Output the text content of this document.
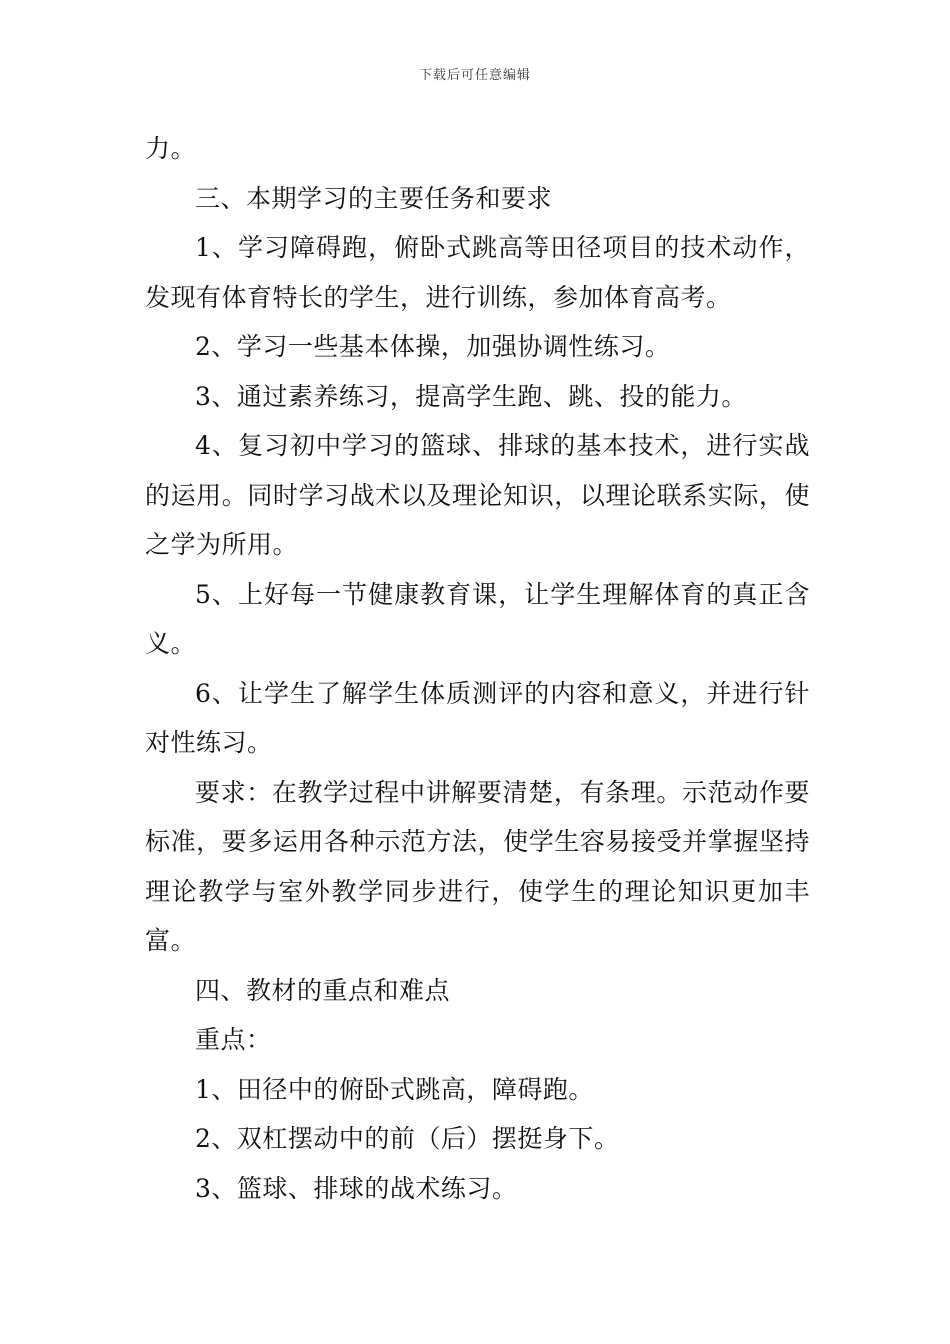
下载后可任意编辑

力。

三、本期学习的主要任务和要求

1、学习障碍跑，俯卧式跳高等田径项目的技术动作，发现有体育特长的学生，进行训练，参加体育高考。

2、学习一些基本体操，加强协调性练习。

3、通过素养练习，提高学生跑、跳、投的能力。

4、复习初中学习的篮球、排球的基本技术，进行实战的运用。同时学习战术以及理论知识，以理论联系实际，使之学为所用。

5、上好每一节健康教育课，让学生理解体育的真正含义。

6、让学生了解学生体质测评的内容和意义，并进行针对性练习。

要求：在教学过程中讲解要清楚，有条理。示范动作要标准，要多运用各种示范方法，使学生容易接受并掌握坚持理论教学与室外教学同步进行，使学生的理论知识更加丰富。

四、教材的重点和难点

重点：

1、田径中的俯卧式跳高，障碍跑。

2、双杠摆动中的前（后）摆挺身下。

3、篮球、排球的战术练习。
